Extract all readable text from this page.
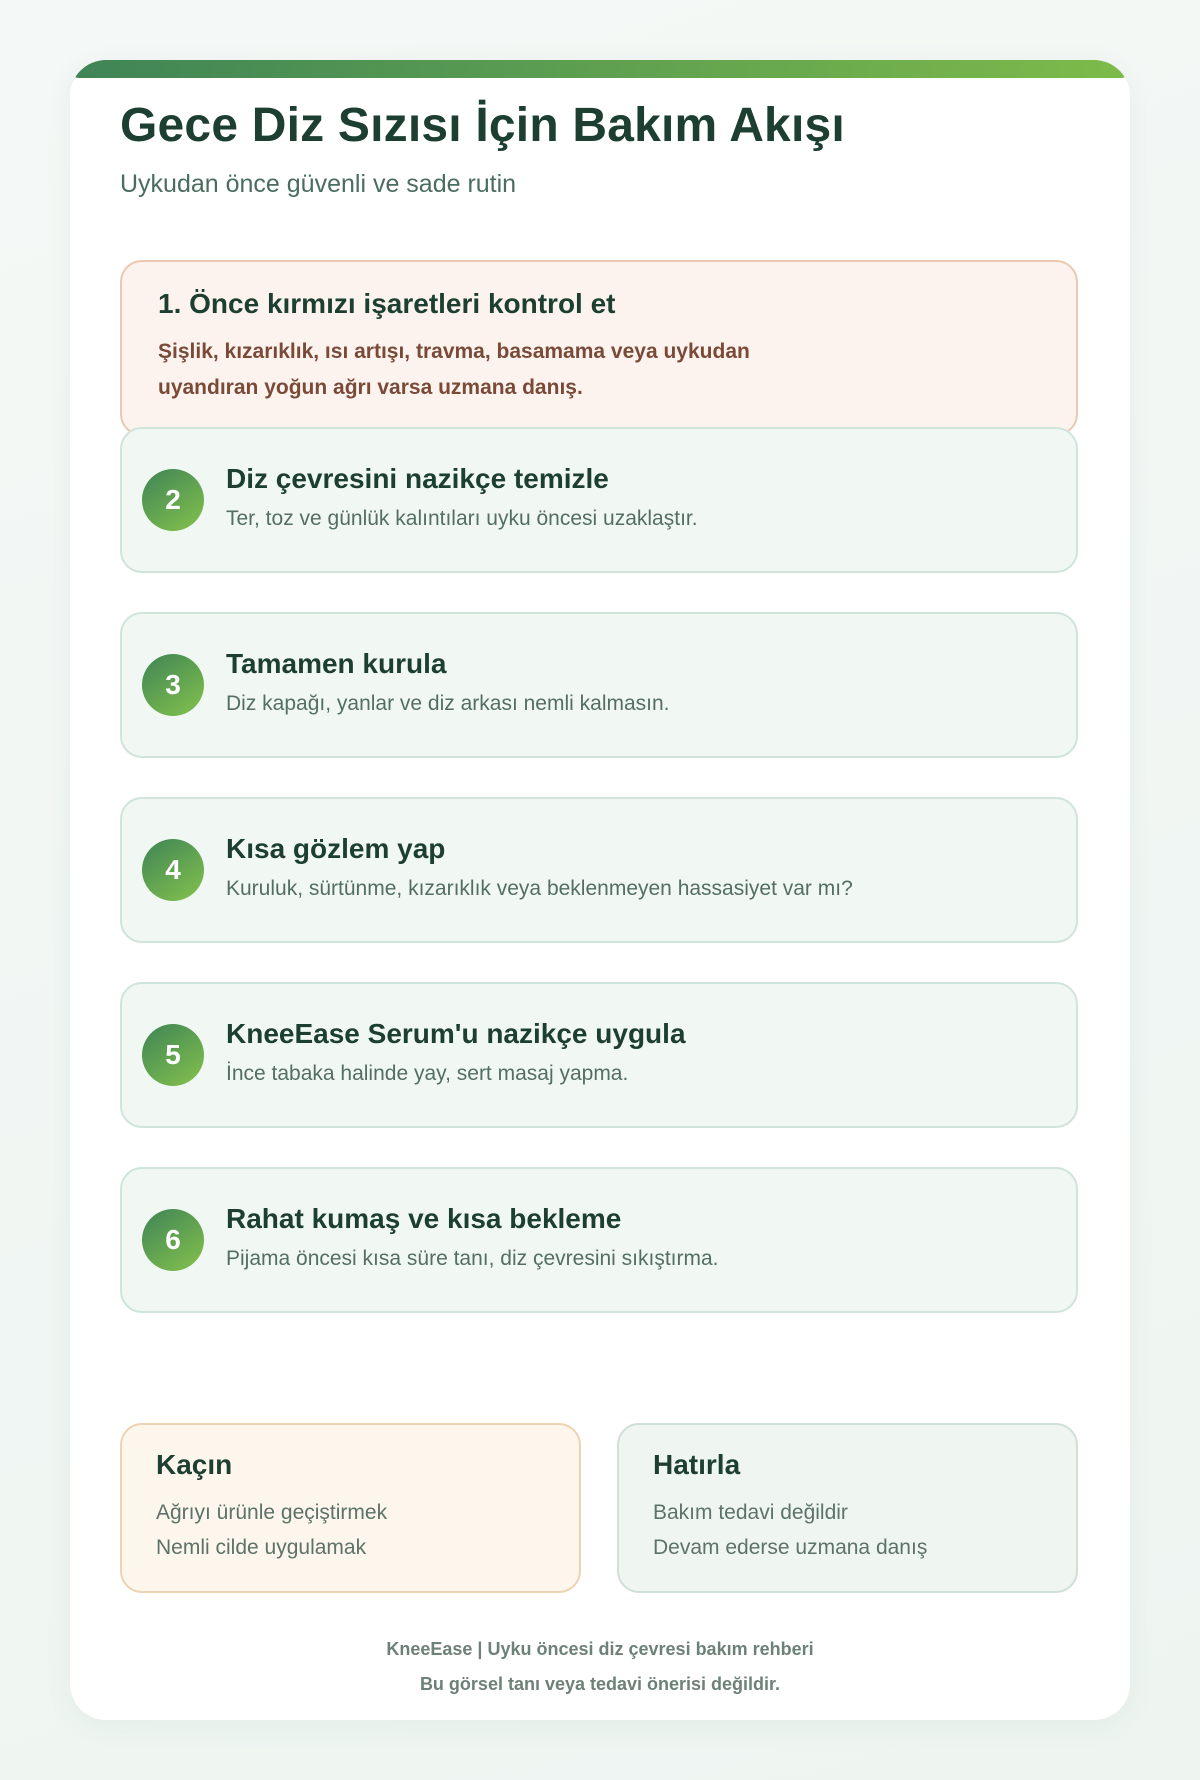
Gece Diz Sızısı İçin Bakım Akışı

Uykudan önce güvenli ve sade rutin

1. Önce kırmızı işaretleri kontrol et

Şişlik, kızarıklık, ısı artışı, travma, basamama veya uykudan uyandıran yoğun ağrı varsa uzmana danış.

2
Diz çevresini nazikçe temizle

Ter, toz ve günlük kalıntıları uyku öncesi uzaklaştır.

3
Tamamen kurula

Diz kapağı, yanlar ve diz arkası nemli kalmasın.

4
Kısa gözlem yap

Kuruluk, sürtünme, kızarıklık veya beklenmeyen hassasiyet var mı?

5
KneeEase Serum'u nazikçe uygula

İnce tabaka halinde yay, sert masaj yapma.

6
Rahat kumaş ve kısa bekleme

Pijama öncesi kısa süre tanı, diz çevresini sıkıştırma.

Kaçın

Ağrıyı ürünle geçiştirmek

Nemli cilde uygulamak

Hatırla

Bakım tedavi değildir

Devam ederse uzmana danış

KneeEase | Uyku öncesi diz çevresi bakım rehberi

Bu görsel tanı veya tedavi önerisi değildir.
